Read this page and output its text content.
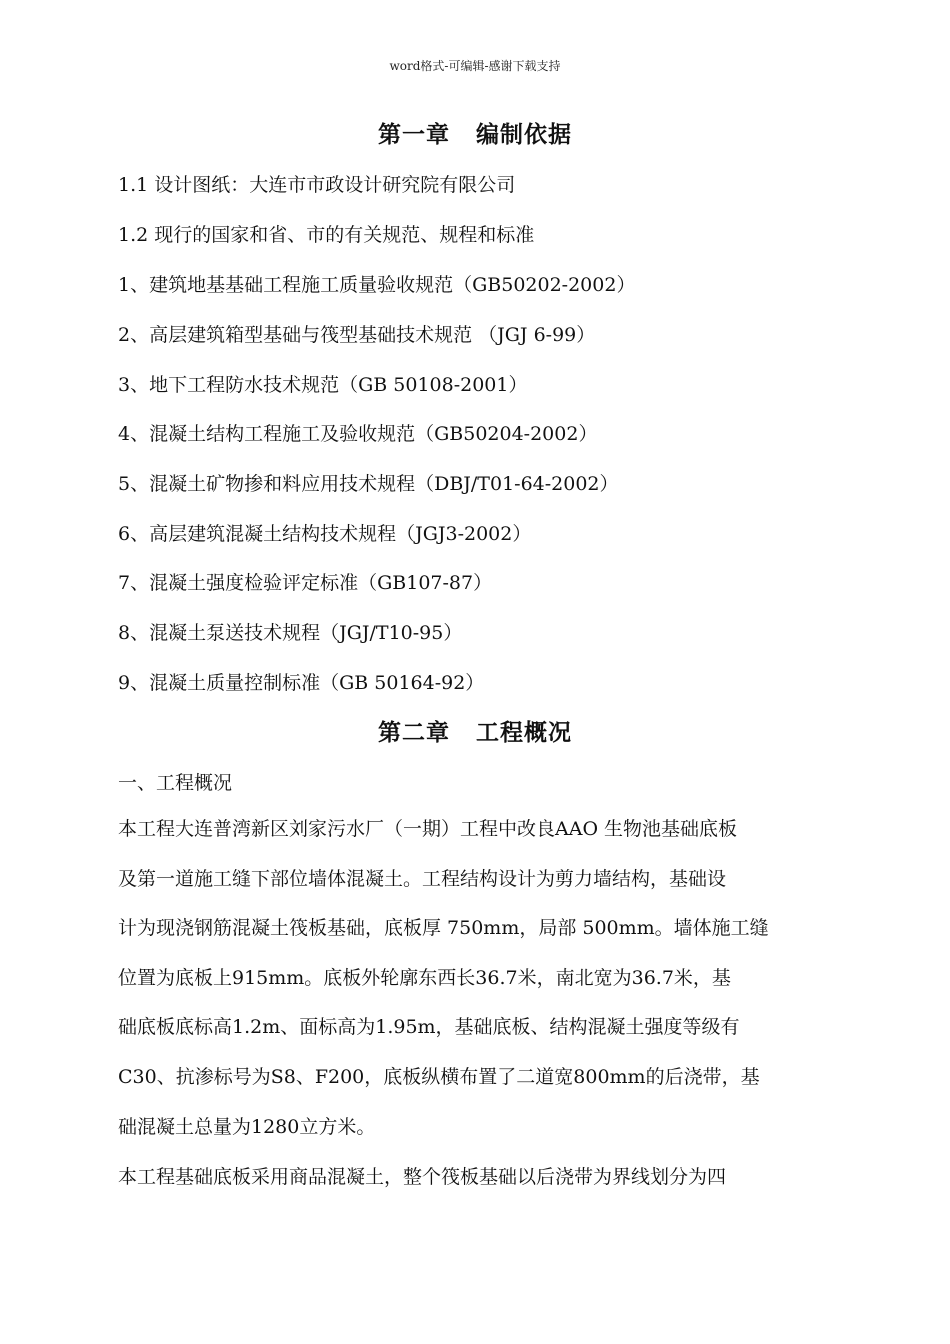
word格式-可编辑-感谢下载支持
第一章 编制依据
1.1 设计图纸：大连市市政设计研究院有限公司
1.2 现行的国家和省、市的有关规范、规程和标准
1、建筑地基基础工程施工质量验收规范（GB50202-2002）
2、高层建筑箱型基础与筏型基础技术规范 （JGJ 6-99）
3、地下工程防水技术规范（GB 50108-2001）
4、混凝土结构工程施工及验收规范（GB50204-2002）
5、混凝土矿物掺和料应用技术规程（DBJ/T01-64-2002）
6、高层建筑混凝土结构技术规程（JGJ3-2002）
7、混凝土强度检验评定标准（GB107-87）
8、混凝土泵送技术规程（JGJ/T10-95）
9、混凝土质量控制标准（GB 50164-92）
第二章 工程概况
一、工程概况
本工程大连普湾新区刘家污水厂（一期）工程中改良AAO 生物池基础底板
及第一道施工缝下部位墙体混凝土。工程结构设计为剪力墙结构，基础设
计为现浇钢筋混凝土筏板基础，底板厚 750mm，局部 500mm。墙体施工缝
位置为底板上915mm。底板外轮廓东西长36.7米，南北宽为36.7米，基
础底板底标高1.2m、面标高为1.95m，基础底板、结构混凝土强度等级有
C30、抗渗标号为S8、F200，底板纵横布置了二道宽800mm的后浇带，基
础混凝土总量为1280立方米。
本工程基础底板采用商品混凝土，整个筏板基础以后浇带为界线划分为四
